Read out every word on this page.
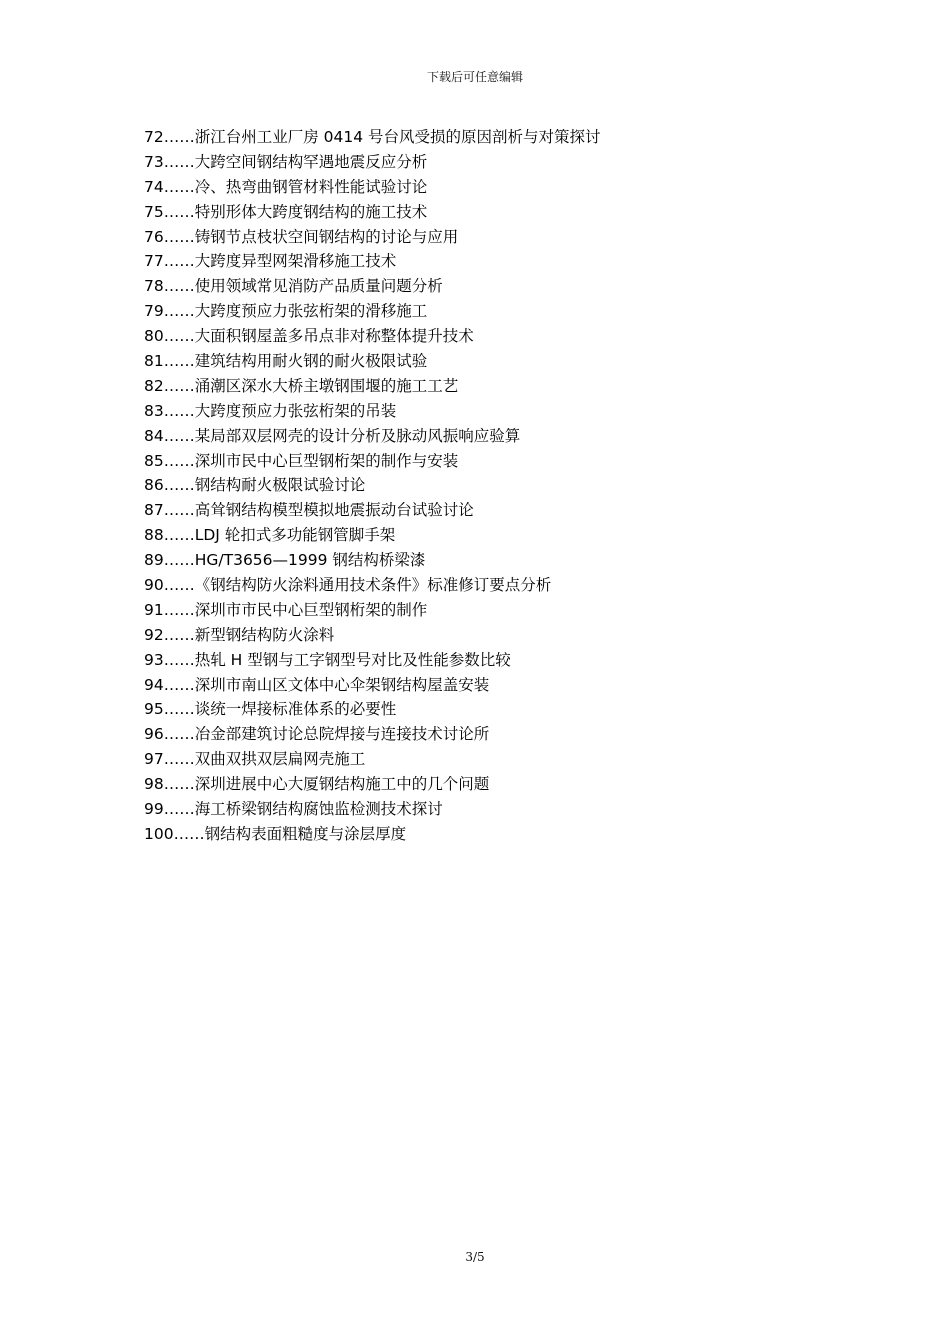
下载后可任意编辑
72……浙江台州工业厂房 0414 号台风受损的原因剖析与对策探讨
73……大跨空间钢结构罕遇地震反应分析
74……冷、热弯曲钢管材料性能试验讨论
75……特别形体大跨度钢结构的施工技术
76……铸钢节点枝状空间钢结构的讨论与应用
77……大跨度异型网架滑移施工技术
78……使用领域常见消防产品质量问题分析
79……大跨度预应力张弦桁架的滑移施工
80……大面积钢屋盖多吊点非对称整体提升技术
81……建筑结构用耐火钢的耐火极限试验
82……涌潮区深水大桥主墩钢围堰的施工工艺
83……大跨度预应力张弦桁架的吊装
84……某局部双层网壳的设计分析及脉动风振响应验算
85……深圳市民中心巨型钢桁架的制作与安装
86……钢结构耐火极限试验讨论
87……高耸钢结构模型模拟地震振动台试验讨论
88……LDJ 轮扣式多功能钢管脚手架
89……HG/T3656—1999 钢结构桥梁漆
90……《钢结构防火涂料通用技术条件》标准修订要点分析
91……深圳市市民中心巨型钢桁架的制作
92……新型钢结构防火涂料
93……热轧 H 型钢与工字钢型号对比及性能参数比较
94……深圳市南山区文体中心伞架钢结构屋盖安装
95……谈统一焊接标准体系的必要性
96……冶金部建筑讨论总院焊接与连接技术讨论所
97……双曲双拱双层扁网壳施工
98……深圳进展中心大厦钢结构施工中的几个问题
99……海工桥梁钢结构腐蚀监检测技术探讨
100……钢结构表面粗糙度与涂层厚度
3/5
